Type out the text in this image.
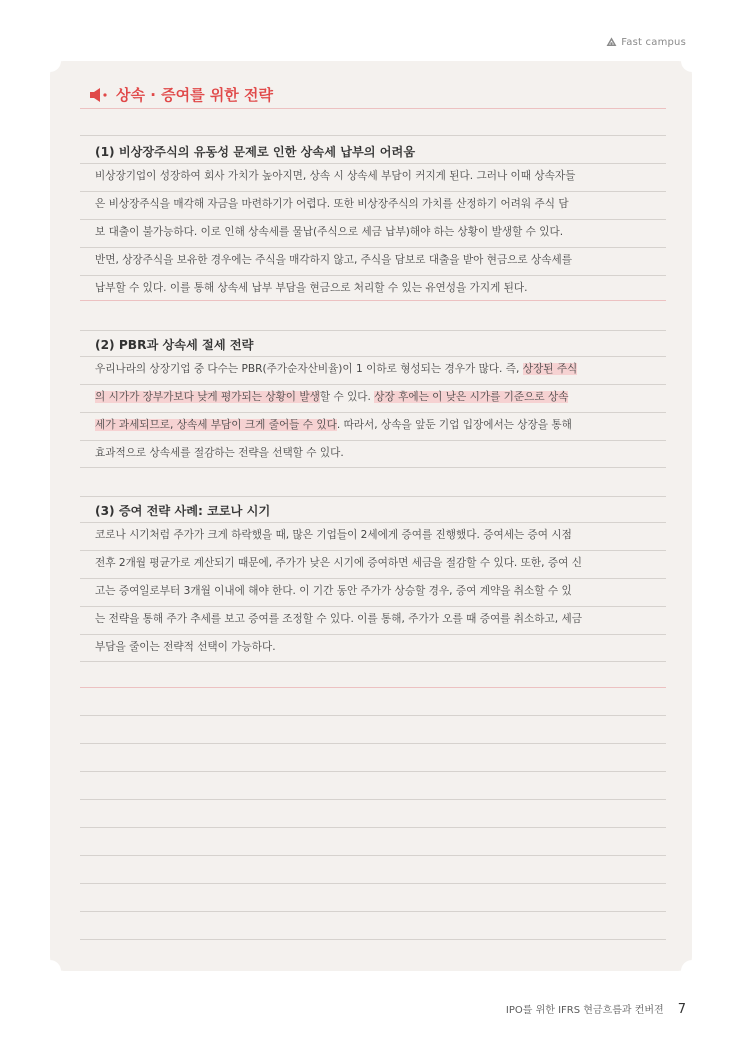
Fast campus
상속 · 증여를 위한 전략
(1) 비상장주식의 유동성 문제로 인한 상속세 납부의 어려움
비상장기업이 성장하여 회사 가치가 높아지면, 상속 시 상속세 부담이 커지게 된다. 그러나 이때 상속자들
은 비상장주식을 매각해 자금을 마련하기가 어렵다. 또한 비상장주식의 가치를 산정하기 어려워 주식 담
보 대출이 불가능하다. 이로 인해 상속세를 물납(주식으로 세금 납부)해야 하는 상황이 발생할 수 있다.
반면, 상장주식을 보유한 경우에는 주식을 매각하지 않고, 주식을 담보로 대출을 받아 현금으로 상속세를
납부할 수 있다. 이를 통해 상속세 납부 부담을 현금으로 처리할 수 있는 유연성을 가지게 된다.
(2) PBR과 상속세 절세 전략
우리나라의 상장기업 중 다수는 PBR(주가순자산비율)이 1 이하로 형성되는 경우가 많다. 즉, 상장된 주식
의 시가가 장부가보다 낮게 평가되는 상황이 발생할 수 있다. 상장 후에는 이 낮은 시가를 기준으로 상속
세가 과세되므로, 상속세 부담이 크게 줄어들 수 있다. 따라서, 상속을 앞둔 기업 입장에서는 상장을 통해
효과적으로 상속세를 절감하는 전략을 선택할 수 있다.
(3) 증여 전략 사례: 코로나 시기
코로나 시기처럼 주가가 크게 하락했을 때, 많은 기업들이 2세에게 증여를 진행했다. 증여세는 증여 시점
전후 2개월 평균가로 계산되기 때문에, 주가가 낮은 시기에 증여하면 세금을 절감할 수 있다. 또한, 증여 신
고는 증여일로부터 3개월 이내에 해야 한다. 이 기간 동안 주가가 상승할 경우, 증여 계약을 취소할 수 있
는 전략을 통해 주가 추세를 보고 증여를 조정할 수 있다. 이를 통해, 주가가 오를 때 증여를 취소하고, 세금
부담을 줄이는 전략적 선택이 가능하다.
IPO를 위한 IFRS 현금흐름과 컨버젼 7
